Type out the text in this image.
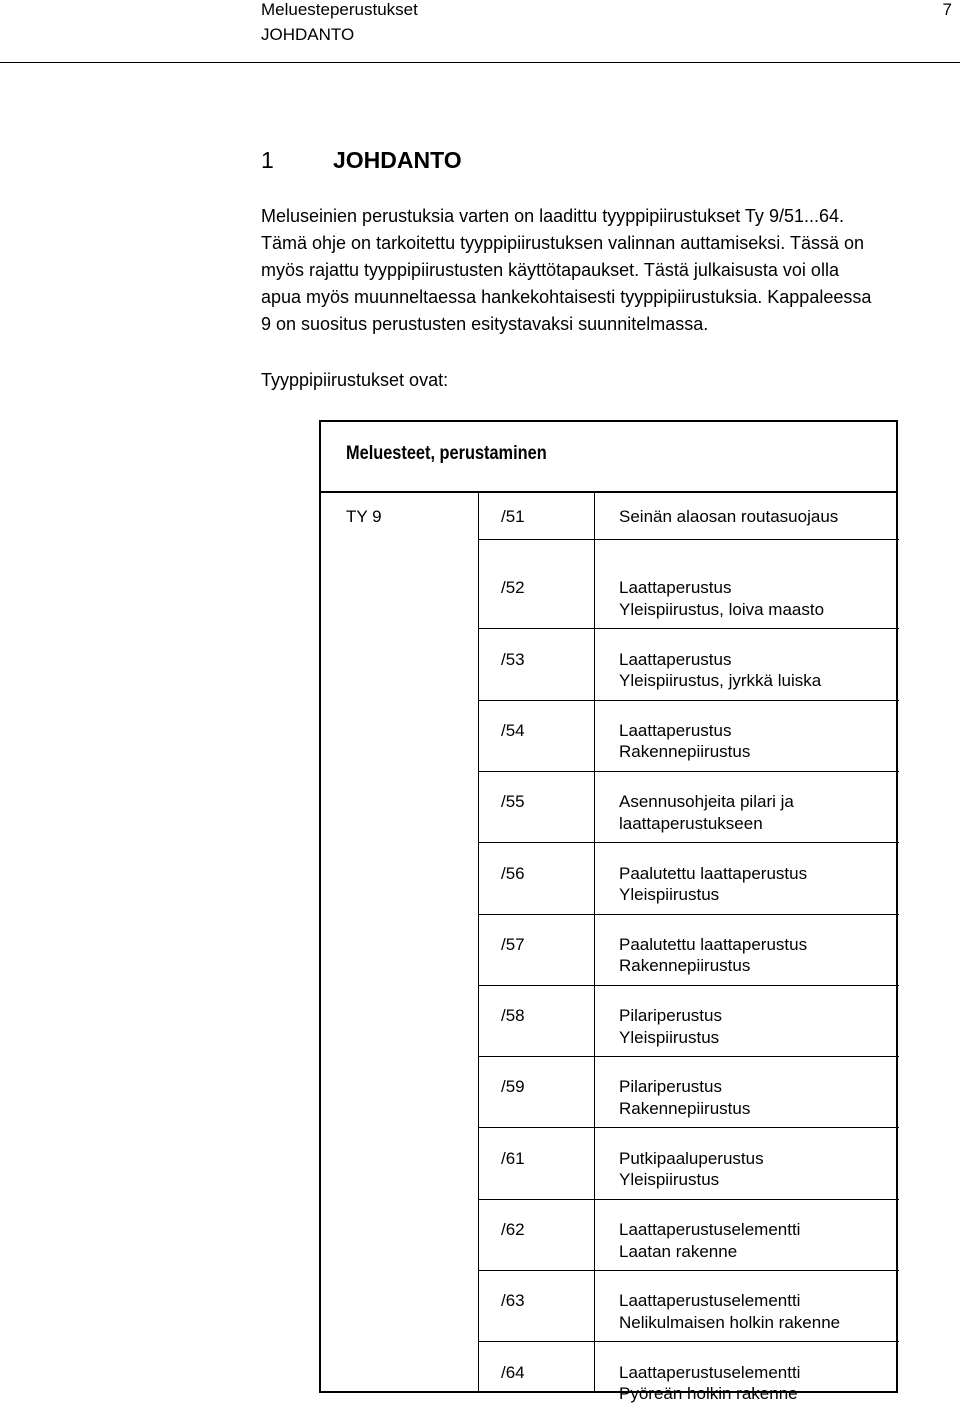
Meluesteperustukset	7
JOHDANTO
1	JOHDANTO

Meluseinien perustuksia varten on laadittu tyyppipiirustukset Ty 9/51...64.
Tämä ohje on tarkoitettu tyyppipiirustuksen valinnan auttamiseksi. Tässä on
myös rajattu tyyppipiirustusten käyttötapaukset. Tästä julkaisusta voi olla
apua myös muunneltaessa hankekohtaisesti tyyppipiirustuksia. Kappaleessa
9 on suositus perustusten esitystavaksi suunnitelmassa.

Tyyppipiirustukset ovat:
Meluesteet, perustaminen
TY 9	/51	Seinän alaosan routasuojaus
/52	Laattaperustus
Yleispiirustus, loiva maasto
/53	Laattaperustus
Yleispiirustus, jyrkkä luiska
/54	Laattaperustus
Rakennepiirustus
/55	Asennusohjeita pilari ja
laattaperustukseen
/56	Paalutettu laattaperustus
Yleispiirustus
/57	Paalutettu laattaperustus
Rakennepiirustus
/58	Pilariperustus
Yleispiirustus
/59	Pilariperustus
Rakennepiirustus
/61	Putkipaaluperustus
Yleispiirustus
/62	Laattaperustuselementti
Laatan rakenne
/63	Laattaperustuselementti
Nelikulmaisen holkin rakenne
/64	Laattaperustuselementti
Pyöreän holkin rakenne
